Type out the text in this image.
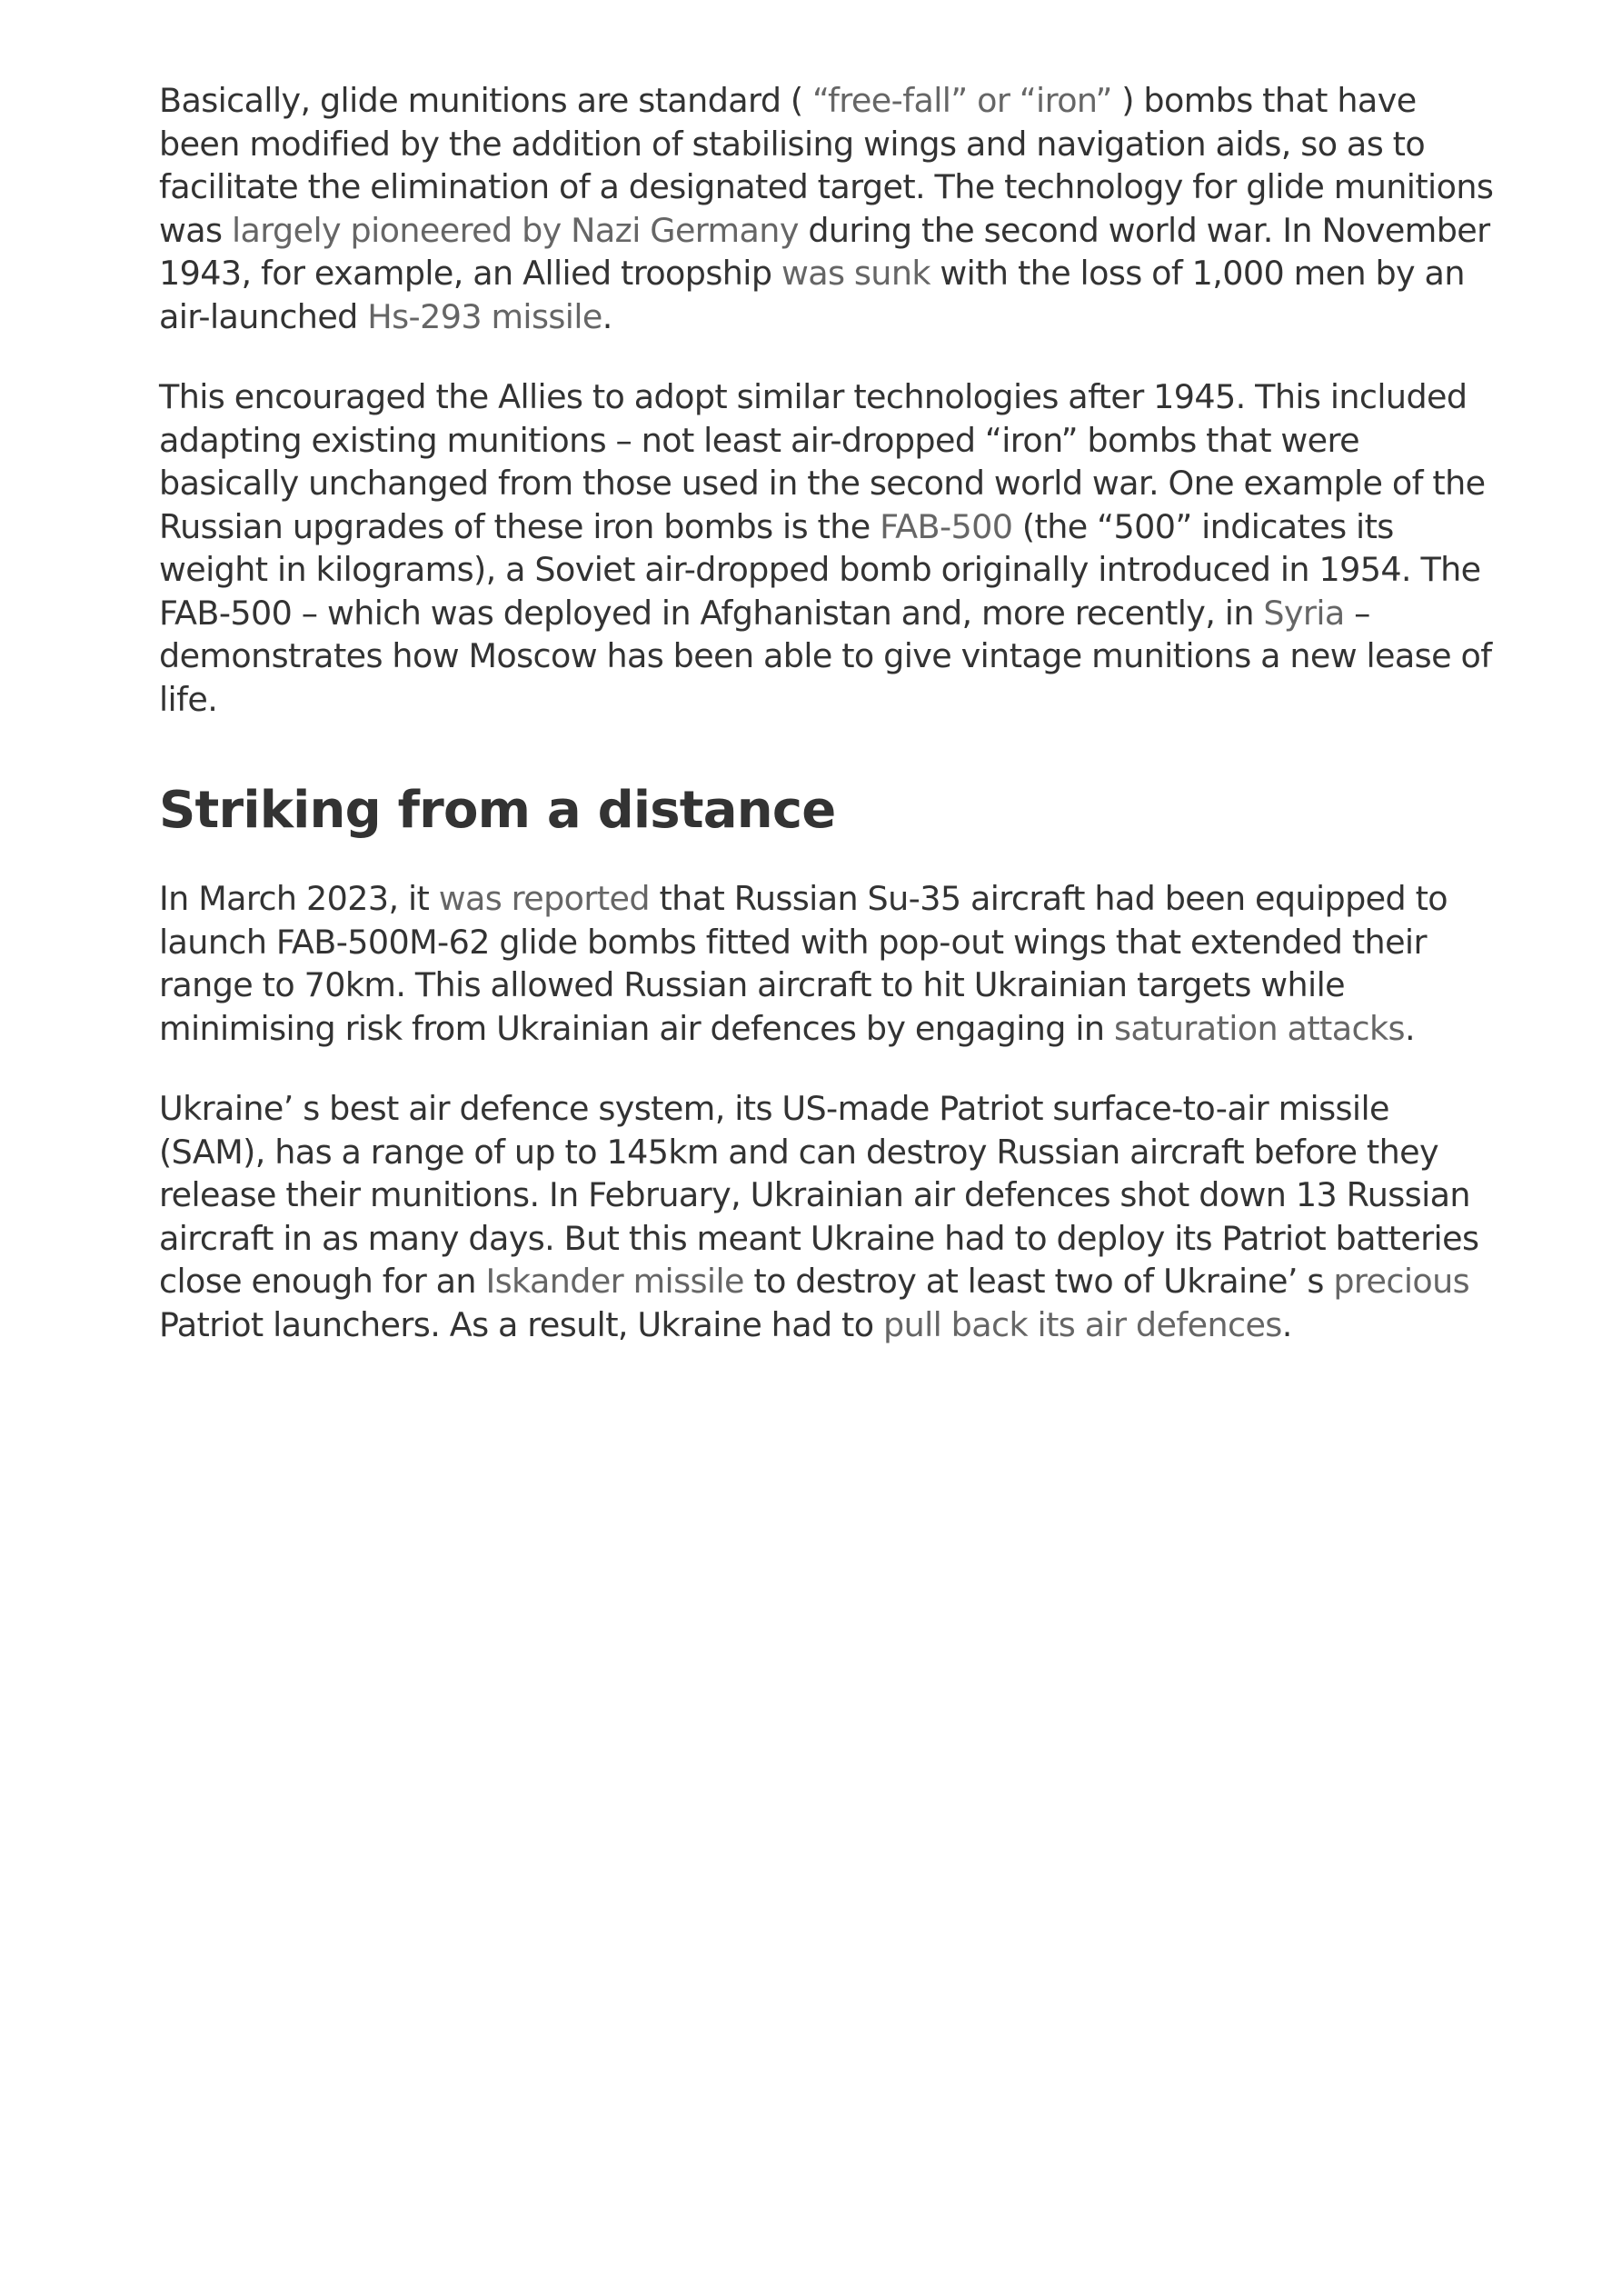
Basically, glide munitions are standard ( “free-fall” or “iron” ) bombs that have been modified by the addition of stabilising wings and navigation aids, so as to facilitate the elimination of a designated target. The technology for glide munitions was largely pioneered by Nazi Germany during the second world war. In November 1943, for example, an Allied troopship was sunk with the loss of 1,000 men by an air-launched Hs-293 missile.

This encouraged the Allies to adopt similar technologies after 1945. This included adapting existing munitions – not least air-dropped “iron” bombs that were basically unchanged from those used in the second world war. One example of the Russian upgrades of these iron bombs is the FAB-500 (the “500” indicates its weight in kilograms), a Soviet air-dropped bomb originally introduced in 1954. The FAB-500 – which was deployed in Afghanistan and, more recently, in Syria – demonstrates how Moscow has been able to give vintage munitions a new lease of life.

Striking from a distance

In March 2023, it was reported that Russian Su-35 aircraft had been equipped to launch FAB-500M-62 glide bombs fitted with pop-out wings that extended their range to 70km. This allowed Russian aircraft to hit Ukrainian targets while minimising risk from Ukrainian air defences by engaging in saturation attacks.

Ukraine’ s best air defence system, its US-made Patriot surface-to-air missile (SAM), has a range of up to 145km and can destroy Russian aircraft before they release their munitions. In February, Ukrainian air defences shot down 13 Russian aircraft in as many days. But this meant Ukraine had to deploy its Patriot batteries close enough for an Iskander missile to destroy at least two of Ukraine’ s precious Patriot launchers. As a result, Ukraine had to pull back its air defences.
